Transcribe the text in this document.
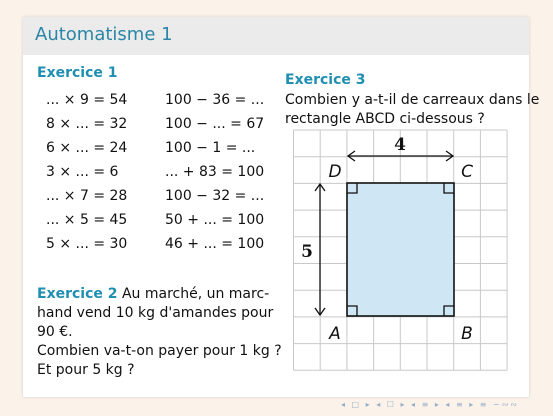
Automatisme 1
Exercice 1
... × 9 = 54
8 × ... = 32
6 × ... = 24
3 × ... = 6
... × 7 = 28
... × 5 = 45
5 × ... = 30
100 − 36 = ...
100 − ... = 67
100 − 1 = ...
... + 83 = 100
100 − 32 = ...
50 + ... = 100
46 + ... = 100
Exercice 2 Au marché, un marc-
hand vend 10 kg d'amandes pour
90 €.
Combien va-t-on payer pour 1 kg ?
Et pour 5 kg ?
Exercice 3
Combien y a-t-il de carreaux dans le
rectangle ABCD ci-dessous ?
4
5
D	C
A	B
◂ □ ▸ ◂ ☐ ▸ ◂ ≡ ▸ ◂ ≡ ▸ ≡ ∽∾∾
